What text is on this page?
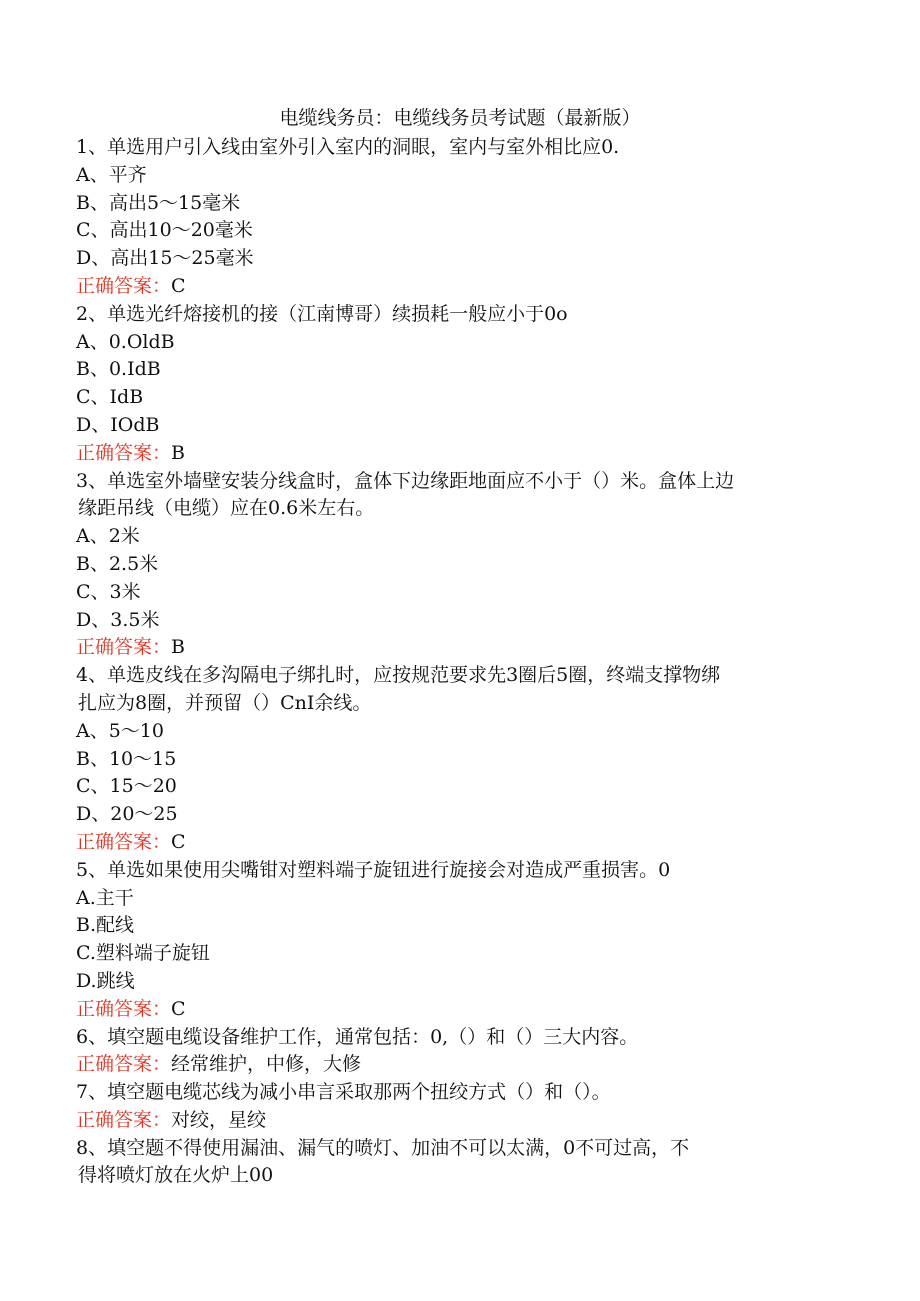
电缆线务员：电缆线务员考试题（最新版）
1、单选用户引入线由室外引入室内的洞眼，室内与室外相比应0.
A、平齐
B、高出5～15毫米
C、高出10～20毫米
D、高出15～25毫米
正确答案：C
2、单选光纤熔接机的接（江南博哥）续损耗一般应小于0o
A、0.OldB
B、0.IdB
C、IdB
D、IOdB
正确答案：B
3、单选室外墙壁安装分线盒时，盒体下边缘距地面应不小于（）米。盒体上边
缘距吊线（电缆）应在0.6米左右。
A、2米
B、2.5米
C、3米
D、3.5米
正确答案：B
4、单选皮线在多沟隔电子绑扎时，应按规范要求先3圈后5圈，终端支撑物绑
扎应为8圈，并预留（）CnI余线。
A、5～10
B、10～15
C、15～20
D、20～25
正确答案：C
5、单选如果使用尖嘴钳对塑料端子旋钮进行旋接会对造成严重损害。0
A.主干
B.配线
C.塑料端子旋钮
D.跳线
正确答案：C
6、填空题电缆设备维护工作，通常包括：0,（）和（）三大内容。
正确答案：经常维护，中修，大修
7、填空题电缆芯线为减小串言采取那两个扭绞方式（）和（）。
正确答案：对绞，星绞
8、填空题不得使用漏油、漏气的喷灯、加油不可以太满，0不可过高，不
得将喷灯放在火炉上00
